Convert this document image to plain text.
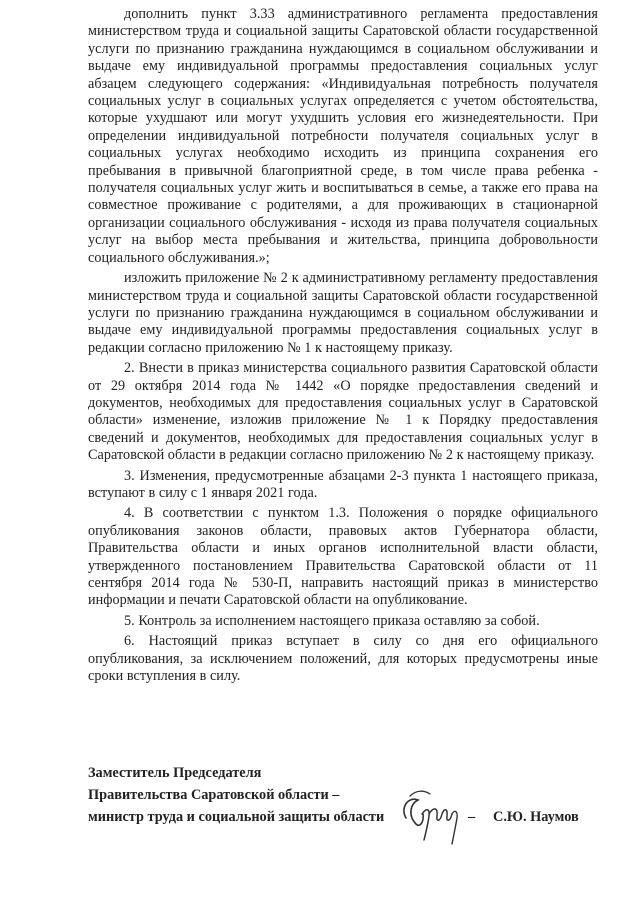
дополнить пункт 3.33 административного регламента предоставления министерством труда и социальной защиты Саратовской области государственной услуги по признанию гражданина нуждающимся в социальном обслуживании и выдаче ему индивидуальной программы предоставления социальных услуг абзацем следующего содержания: «Индивидуальная потребность получателя социальных услуг в социальных услугах определяется с учетом обстоятельства, которые ухудшают или могут ухудшить условия его жизнедеятельности. При определении индивидуальной потребности получателя социальных услуг в социальных услугах необходимо исходить из принципа сохранения его пребывания в привычной благоприятной среде, в том числе права ребенка - получателя социальных услуг жить и воспитываться в семье, а также его права на совместное проживание с родителями, а для проживающих в стационарной организации социального обслуживания - исходя из права получателя социальных услуг на выбор места пребывания и жительства, принципа добровольности социального обслуживания.»;

изложить приложение № 2 к административному регламенту предоставления министерством труда и социальной защиты Саратовской области государственной услуги по признанию гражданина нуждающимся в социальном обслуживании и выдаче ему индивидуальной программы предоставления социальных услуг в редакции согласно приложению № 1 к настоящему приказу.

2. Внести в приказ министерства социального развития Саратовской области от 29 октября 2014 года № 1442 «О порядке предоставления сведений и документов, необходимых для предоставления социальных услуг в Саратовской области» изменение, изложив приложение № 1 к Порядку предоставления сведений и документов, необходимых для предоставления социальных услуг в Саратовской области в редакции согласно приложению № 2 к настоящему приказу.

3. Изменения, предусмотренные абзацами 2-3 пункта 1 настоящего приказа, вступают в силу с 1 января 2021 года.

4. В соответствии с пунктом 1.3. Положения о порядке официального опубликования законов области, правовых актов Губернатора области, Правительства области и иных органов исполнительной власти области, утвержденного постановлением Правительства Саратовской области от 11 сентября 2014 года № 530-П, направить настоящий приказ в министерство информации и печати Саратовской области на опубликование.

5. Контроль за исполнением настоящего приказа оставляю за собой.

6. Настоящий приказ вступает в силу со дня его официального опубликования, за исключением положений, для которых предусмотрены иные сроки вступления в силу.

Заместитель Председателя
Правительства Саратовской области –
министр труда и социальной защиты области	– С.Ю. Наумов
